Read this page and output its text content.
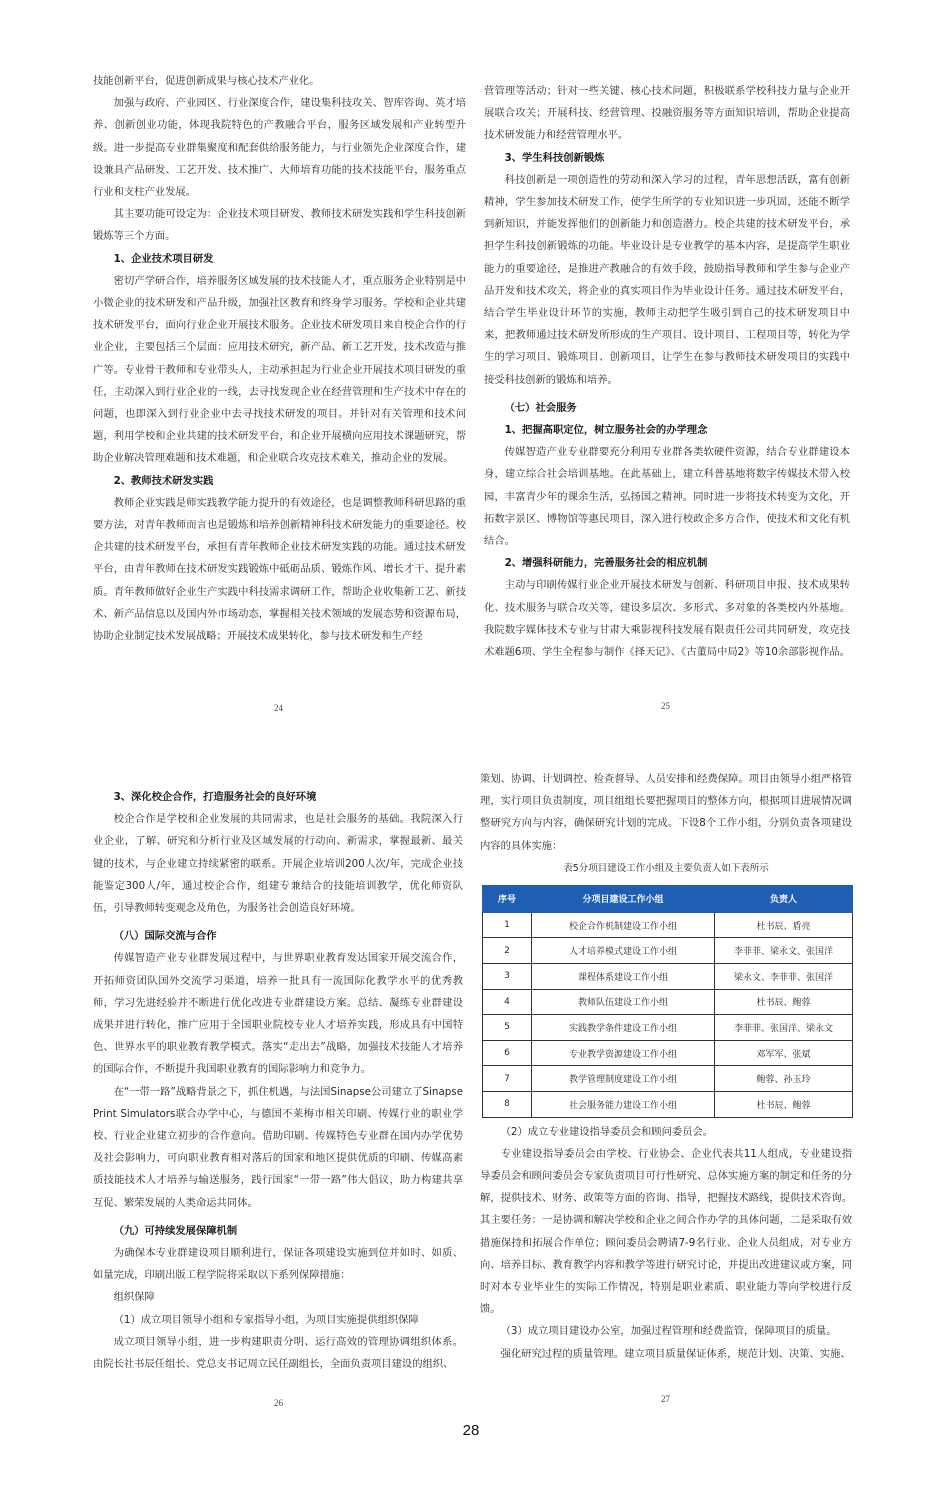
技能创新平台，促进创新成果与核心技术产业化。

加强与政府、产业园区、行业深度合作，建设集科技攻关、智库咨询、英才培养、创新创业功能，体现我院特色的产教融合平台，服务区域发展和产业转型升级。进一步提高专业群集聚度和配套供给服务能力，与行业领先企业深度合作，建设兼具产品研发、工艺开发、技术推广、大师培育功能的技术技能平台，服务重点行业和支柱产业发展。

其主要功能可设定为：企业技术项目研发、教师技术研发实践和学生科技创新锻炼等三个方面。

1、企业技术项目研发

密切产学研合作，培养服务区域发展的技术技能人才，重点服务企业特别是中小微企业的技术研发和产品升级，加强社区教育和终身学习服务。学校和企业共建技术研发平台，面向行业企业开展技术服务。企业技术研发项目来自校企合作的行业企业，主要包括三个层面：应用技术研究，新产品、新工艺开发，技术改造与推广等。专业骨干教师和专业带头人，主动承担起为行业企业开展技术项目研发的重任，主动深入到行业企业的一线，去寻找发现企业在经营管理和生产技术中存在的问题，也即深入到行业企业中去寻找技术研发的项目。并针对有关管理和技术问题，利用学校和企业共建的技术研发平台，和企业开展横向应用技术课题研究，帮助企业解决管理难题和技术难题，和企业联合攻克技术难关，推动企业的发展。

2、教师技术研发实践

教师企业实践是师实践教学能力提升的有效途径，也是调整教师科研思路的重要方法，对青年教师而言也是锻炼和培养创新精神科技术研发能力的重要途径。校企共建的技术研发平台，承担有青年教师企业技术研发实践的功能。通过技术研发平台，由青年教师在技术研发实践锻炼中砥砺品质、锻炼作风、增长才干、提升素质。青年教师做好企业生产实践中科技需求调研工作，帮助企业收集新工艺、新技术、新产品信息以及国内外市场动态，掌握相关技术领域的发展态势和资源布局，协助企业制定技术发展战略；开展技术成果转化，参与技术研发和生产经

24

营管理等活动；针对一些关键、核心技术问题，积极联系学校科技力量与企业开展联合攻关；开展科技、经营管理、投融资服务等方面知识培训，帮助企业提高技术研发能力和经营管理水平。

3、学生科技创新锻炼

科技创新是一项创造性的劳动和深入学习的过程，青年思想活跃，富有创新精神，学生参加技术研发工作，使学生所学的专业知识进一步巩固，还能不断学到新知识，并能发挥他们的创新能力和创造潜力。校企共建的技术研发平台，承担学生科技创新锻炼的功能。毕业设计是专业教学的基本内容，是提高学生职业能力的重要途径，是推进产教融合的有效手段，鼓励指导教师和学生参与企业产品开发和技术攻关，将企业的真实项目作为毕业设计任务。通过技术研发平台，结合学生毕业设计环节的实施，教师主动把学生吸引到自己的技术研发项目中来，把教师通过技术研发所形成的生产项目、设计项目、工程项目等，转化为学生的学习项目、锻炼项目、创新项目，让学生在参与教师技术研发项目的实践中接受科技创新的锻炼和培养。

（七）社会服务

1、把握高职定位，树立服务社会的办学理念

传媒智造产业专业群要充分利用专业群各类软硬件资源，结合专业群建设本身，建立综合社会培训基地。在此基础上，建立科普基地将数字传媒技术带入校园，丰富青少年的课余生活，弘扬国之精神。同时进一步将技术转变为文化，开拓数字景区、博物馆等惠民项目，深入进行校政企多方合作，使技术和文化有机结合。

2、增强科研能力，完善服务社会的相应机制

主动与印刷传媒行业企业开展技术研发与创新、科研项目申报、技术成果转化、技术服务与联合攻关等，建设多层次、多形式、多对象的各类校内外基地。我院数字媒体技术专业与甘肃大乘影视科技发展有限责任公司共同研发，攻克技术难题6项、学生全程参与制作《择天记》、《古董局中局2》等10余部影视作品。

25

3、深化校企合作，打造服务社会的良好环境

校企合作是学校和企业发展的共同需求，也是社会服务的基础。我院深入行业企业，了解、研究和分析行业及区域发展的行动向、新需求，掌握最新、最关键的技术，与企业建立持续紧密的联系。开展企业培训200人次/年，完成企业技能鉴定300人/年，通过校企合作，组建专兼结合的技能培训教学，优化师资队伍，引导教师转变观念及角色，为服务社会创造良好环境。

（八）国际交流与合作

传媒智造产业专业群发展过程中，与世界职业教育发达国家开展交流合作，开拓师资团队国外交流学习渠道，培养一批具有一流国际化教学水平的优秀教师，学习先进经验并不断进行优化改进专业群建设方案。总结、凝练专业群建设成果并进行转化，推广应用于全国职业院校专业人才培养实践，形成具有中国特色、世界水平的职业教育教学模式。落实“走出去”战略，加强技术技能人才培养的国际合作，不断提升我国职业教育的国际影响力和竞争力。

在“一带一路”战略背景之下，抓住机遇，与法国Sinapse公司建立了Sinapse Print Simulators联合办学中心，与德国不莱梅市相关印刷、传媒行业的职业学校、行业企业建立初步的合作意向。借助印刷、传媒特色专业群在国内办学优势及社会影响力，可向职业教育相对落后的国家和地区提供优质的印刷、传媒高素质技能技术人才培养与输送服务，践行国家“一带一路”伟大倡议，助力构建共享互促、繁荣发展的人类命运共同体。

（九）可持续发展保障机制

为确保本专业群建设项目顺利进行，保证各项建设实施到位并如时、如质、如量完成，印刷出版工程学院将采取以下系列保障措施：

组织保障

（1）成立项目领导小组和专家指导小组，为项目实施提供组织保障

成立项目领导小组，进一步构建职责分明、运行高效的管理协调组织体系。由院长社书辰任组长、党总支书记周立民任副组长，全面负责项目建设的组织、

26

策划、协调、计划调控、检查督导、人员安排和经费保障。项目由领导小组严格管理，实行项目负责制度，项目组组长要把握项目的整体方向，根据项目进展情况调整研究方向与内容，确保研究计划的完成。下设8个工作小组，分别负责各项建设内容的具体实施：

表5分项目建设工作小组及主要负责人如下表所示

序号	分项目建设工作小组	负责人
1	校企合作机制建设工作小组	杜书辰、盾亮
2	人才培养模式建设工作小组	李菲菲、梁永文、张国洋
3	课程体系建设工作小组	梁永文、李菲菲、张国洋
4	教师队伍建设工作小组	杜书辰、鲍蓉
5	实践教学条件建设工作小组	李菲菲、张国洋、梁永文
6	专业教学资源建设工作小组	邓军军、张斌
7	教学管理制度建设工作小组	鲍蓉、孙玉玲
8	社会服务能力建设工作小组	杜书辰、鲍蓉

（2）成立专业建设指导委员会和顾问委员会。

专业建设指导委员会由学校、行业协会、企业代表共11人组成，专业建设指导委员会和顾问委员会专家负责项目可行性研究、总体实施方案的制定和任务的分解，提供技术、财务、政策等方面的咨询、指导，把握技术路线，提供技术咨询。其主要任务：一是协调和解决学校和企业之间合作办学的具体问题，二是采取有效措施保持和拓展合作单位；顾问委员会聘请7-9名行业、企业人员组成，对专业方向、培养目标、教育教学内容和教学等进行研究讨论，并提出改进建议或方案，同时对本专业毕业生的实际工作情况，特别是职业素质、职业能力等向学校进行反馈。

（3）成立项目建设办公室，加强过程管理和经费监管，保障项目的质量。

强化研究过程的质量管理。建立项目质量保证体系，规范计划、决策、实施、

27
28
